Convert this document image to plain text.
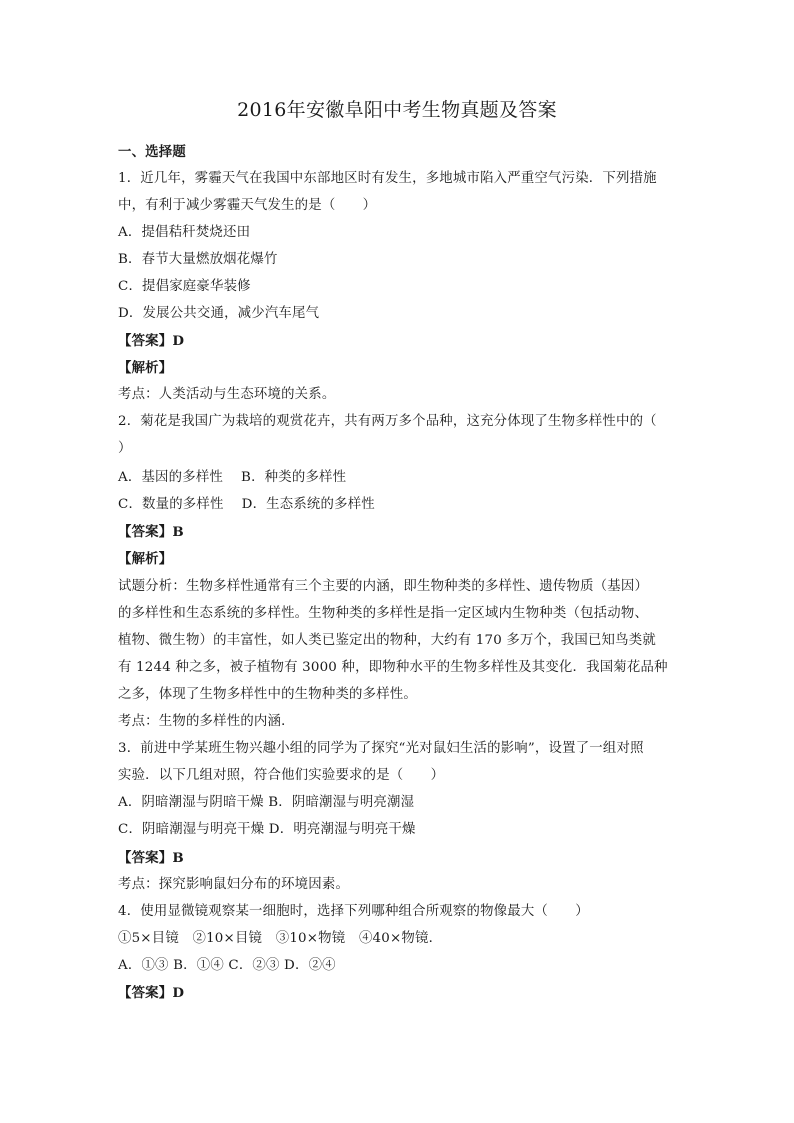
2016年安徽阜阳中考生物真题及答案
一、选择题
1．近几年，雾霾天气在我国中东部地区时有发生，多地城市陷入严重空气污染．下列措施
中，有利于减少雾霾天气发生的是（　　）
A．提倡秸秆焚烧还田
B．春节大量燃放烟花爆竹
C．提倡家庭豪华装修
D．发展公共交通，减少汽车尾气
【答案】D
【解析】
考点：人类活动与生态环境的关系。
2．菊花是我国广为栽培的观赏花卉，共有两万多个品种，这充分体现了生物多样性中的（
）
A．基因的多样性　 B．种类的多样性
C．数量的多样性　 D．生态系统的多样性
【答案】B
【解析】
试题分析：生物多样性通常有三个主要的内涵，即生物种类的多样性、遗传物质（基因）
的多样性和生态系统的多样性。生物种类的多样性是指一定区域内生物种类（包括动物、
植物、微生物）的丰富性，如人类已鉴定出的物种，大约有 170 多万个，我国已知鸟类就
有 1244 种之多，被子植物有 3000 种，即物种水平的生物多样性及其变化．我国菊花品种
之多，体现了生物多样性中的生物种类的多样性。
考点：生物的多样性的内涵．
3．前进中学某班生物兴趣小组的同学为了探究“光对鼠妇生活的影响”，设置了一组对照
实验．以下几组对照，符合他们实验要求的是（　　）
A．阴暗潮湿与阴暗干燥 B．阴暗潮湿与明亮潮湿
C．阴暗潮湿与明亮干燥 D．明亮潮湿与明亮干燥
【答案】B
考点：探究影响鼠妇分布的环境因素。
4．使用显微镜观察某一细胞时，选择下列哪种组合所观察的物像最大（　　）
①5×目镜　②10×目镜　③10×物镜　④40×物镜．
A．①③ B．①④ C．②③ D．②④
【答案】D
